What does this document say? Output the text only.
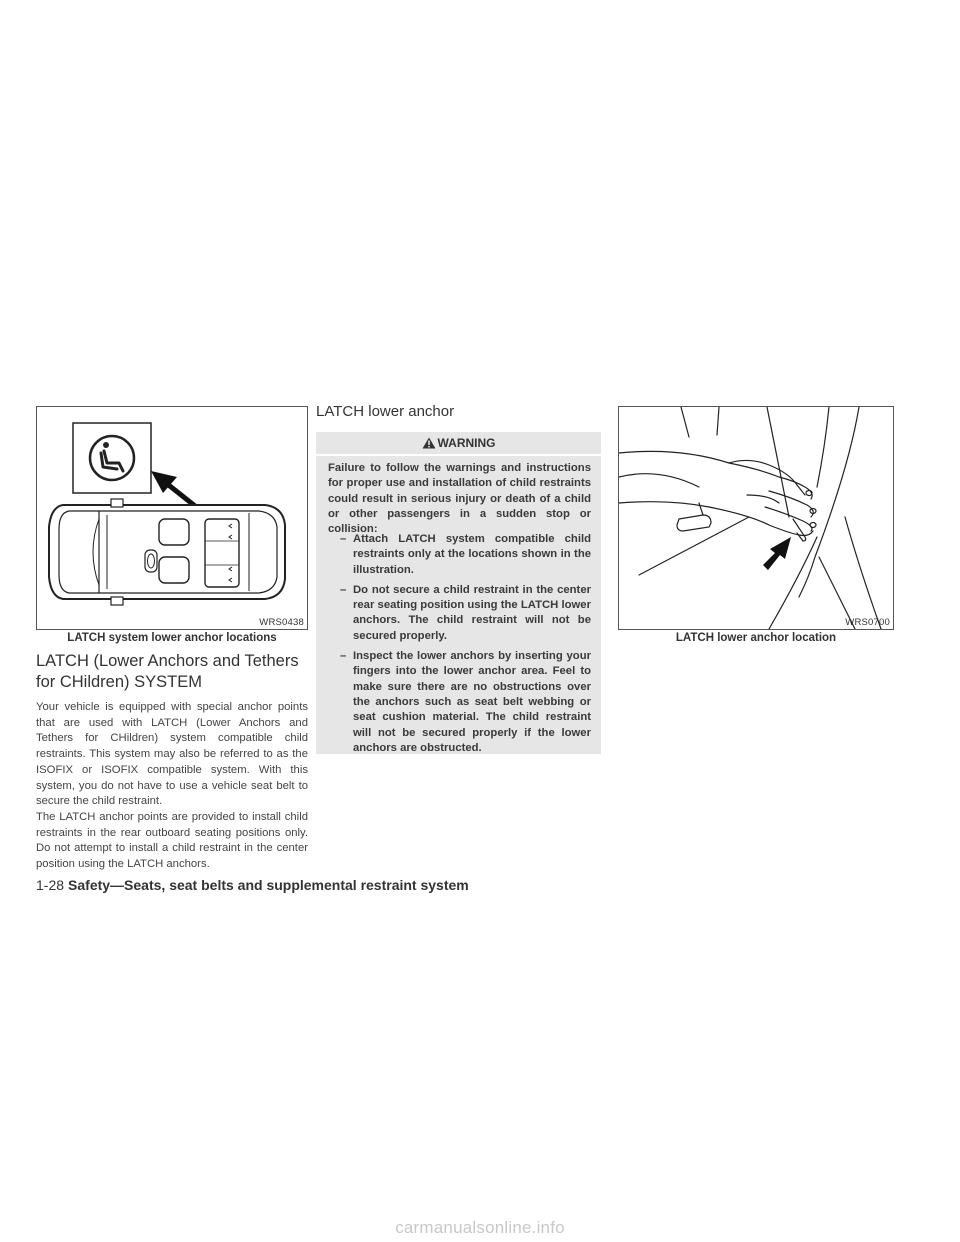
WRS0438
LATCH system lower anchor locations
LATCH (Lower Anchors and Tethers for CHildren) SYSTEM

Your vehicle is equipped with special anchor points that are used with LATCH (Lower Anchors and Tethers for CHildren) system compatible child restraints. This system may also be referred to as the ISOFIX or ISOFIX compatible system. With this system, you do not have to use a vehicle seat belt to secure the child restraint.

The LATCH anchor points are provided to install child restraints in the rear outboard seating positions only. Do not attempt to install a child restraint in the center position using the LATCH anchors.

LATCH lower anchor
WARNING

Failure to follow the warnings and instructions for proper use and installation of child restraints could result in serious injury or death of a child or other passengers in a sudden stop or collision:

– Attach LATCH system compatible child restraints only at the locations shown in the illustration.
– Do not secure a child restraint in the center rear seating position using the LATCH lower anchors. The child restraint will not be secured properly.
– Inspect the lower anchors by inserting your fingers into the lower anchor area. Feel to make sure there are no obstructions over the anchors such as seat belt webbing or seat cushion material. The child restraint will not be secured properly if the lower anchors are obstructed.
WRS0700
LATCH lower anchor location
1-28 Safety—Seats, seat belts and supplemental restraint system
carmanualsonline.info
